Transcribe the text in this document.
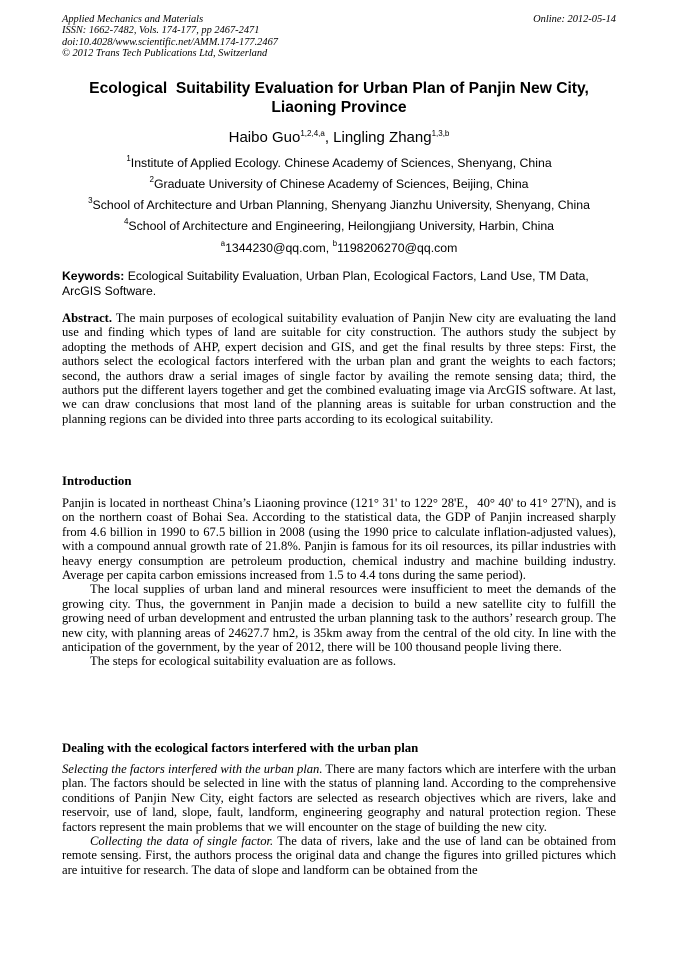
Applied Mechanics and Materials
ISSN: 1662-7482, Vols. 174-177, pp 2467-2471
doi:10.4028/www.scientific.net/AMM.174-177.2467
© 2012 Trans Tech Publications Ltd, Switzerland
Online: 2012-05-14
Ecological  Suitability Evaluation for Urban Plan of Panjin New City,
Liaoning Province
Haibo Guo$^{1,2,4,a}$, Lingling Zhang$^{1,3,b}$
$^1$Institute of Applied Ecology. Chinese Academy of Sciences, Shenyang, China
$^2$Graduate University of Chinese Academy of Sciences, Beijing, China
$^3$School of Architecture and Urban Planning, Shenyang Jianzhu University, Shenyang, China
$^4$School of Architecture and Engineering, Heilongjiang University, Harbin, China
$^a$1344230@qq.com, $^b$1198206270@qq.com
Keywords: Ecological Suitability Evaluation, Urban Plan, Ecological Factors, Land Use, TM Data, ArcGIS Software.

Abstract. The main purposes of ecological suitability evaluation of Panjin New city are evaluating the land use and finding which types of land are suitable for city construction. The authors study the subject by adopting the methods of AHP, expert decision and GIS, and get the final results by three steps: First, the authors select the ecological factors interfered with the urban plan and grant the weights to each factors; second, the authors draw a serial images of single factor by availing the remote sensing data; third, the authors put the different layers together and get the combined evaluating image via ArcGIS software. At last, we can draw conclusions that most land of the planning areas is suitable for urban construction and the planning regions can be divided into three parts according to its ecological suitability.

Introduction

Panjin is located in northeast China’s Liaoning province (121° 31' to 122° 28'E，40° 40' to 41° 27'N), and is on the northern coast of Bohai Sea. According to the statistical data, the GDP of Panjin increased sharply from 4.6 billion in 1990 to 67.5 billion in 2008 (using the 1990 price to calculate inflation-adjusted values), with a compound annual growth rate of 21.8%. Panjin is famous for its oil resources, its pillar industries with heavy energy consumption are petroleum production, chemical industry and machine building industry. Average per capita carbon emissions increased from 1.5 to 4.4 tons during the same period).

The local supplies of urban land and mineral resources were insufficient to meet the demands of the growing city. Thus, the government in Panjin made a decision to build a new satellite city to fulfill the growing need of urban development and entrusted the urban planning task to the authors’ research group. The new city, with planning areas of 24627.7 hm2, is 35km away from the central of the old city. In line with the anticipation of the government, by the year of 2012, there will be 100 thousand people living there.

The steps for ecological suitability evaluation are as follows.

Dealing with the ecological factors interfered with the urban plan

Selecting the factors interfered with the urban plan. There are many factors which are interfere with the urban plan. The factors should be selected in line with the status of planning land. According to the comprehensive conditions of Panjin New City, eight factors are selected as research objectives which are rivers, lake and reservoir, use of land, slope, fault, landform, engineering geography and natural protection region. These factors represent the main problems that we will encounter on the stage of building the new city.

Collecting the data of single factor. The data of rivers, lake and the use of land can be obtained from remote sensing. First, the authors process the original data and change the figures into grilled pictures which are intuitive for research. The data of slope and landform can be obtained from the
